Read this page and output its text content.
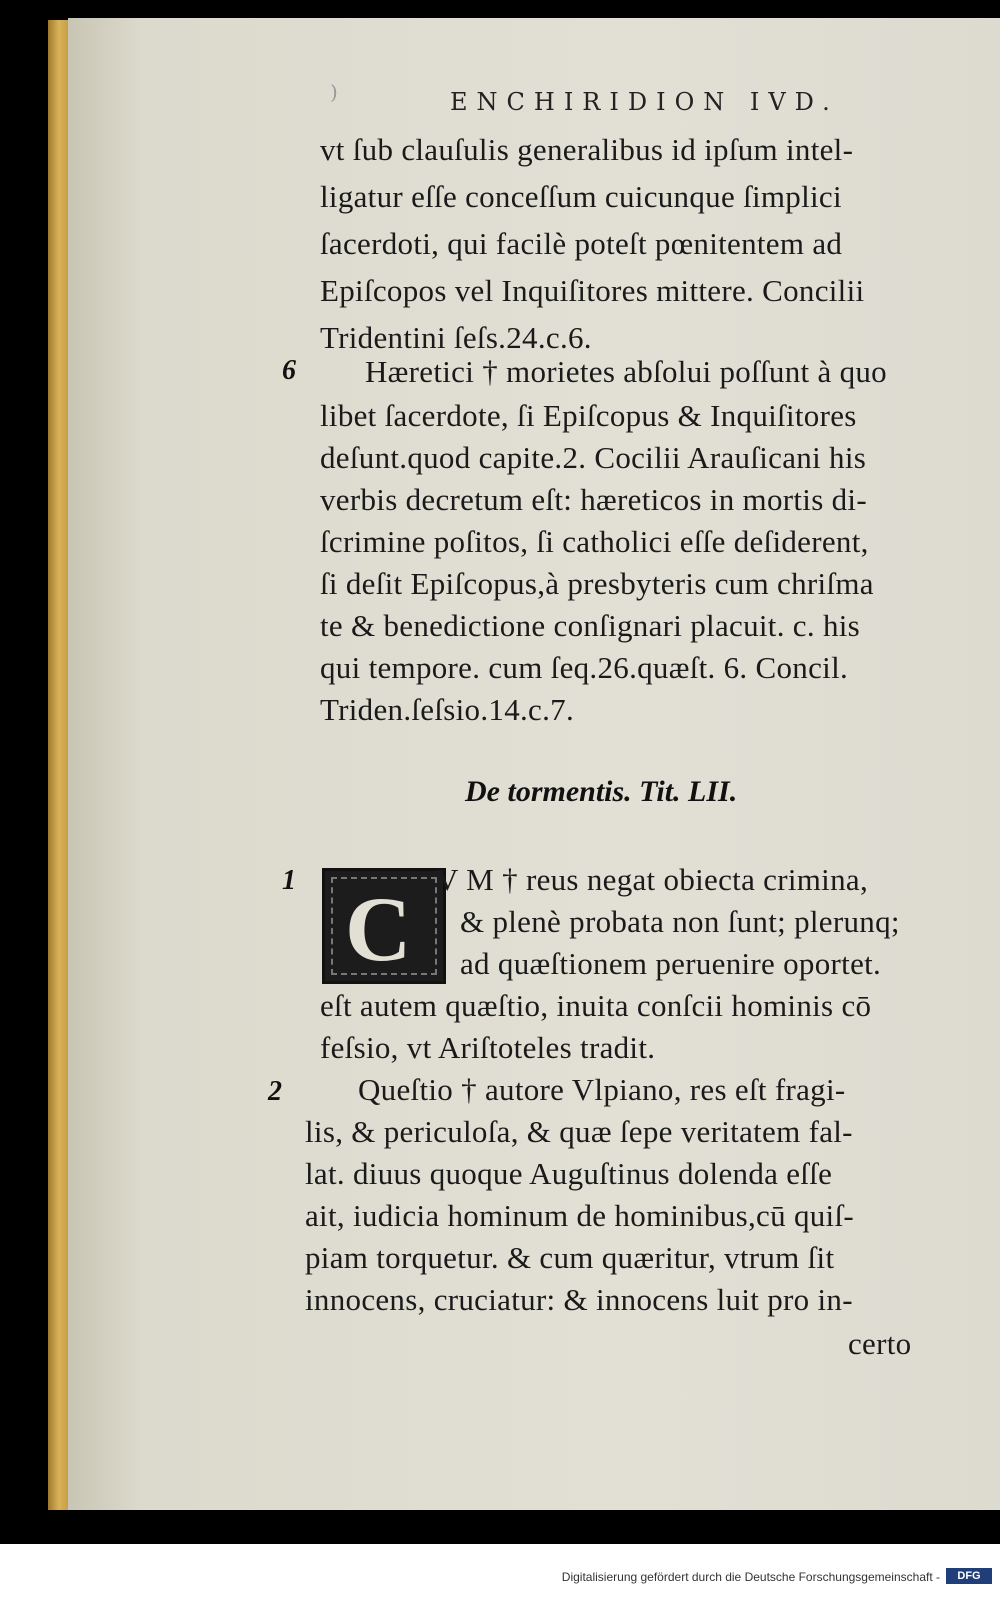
)	ENCHIRIDION IVD.
vt ſub clauſulis generalibus id ipſum intel-
ligatur eſſe conceſſum cuicunque ſimplici
ſacerdoti, qui facilè poteſt pœnitentem ad
Epiſcopos vel Inquiſitores mittere. Concilii
Tridentini ſeſs.24.c.6.
6 Hæretici † morietes abſolui poſſunt à quo
libet ſacerdote, ſi Epiſcopus & Inquiſitores
deſunt.quod capite.2. Cocilii Arauſicani his
verbis decretum eſt: hæreticos in mortis di-
ſcrimine poſitos, ſi catholici eſſe deſiderent,
ſi deſit Epiſcopus,à presbyteris cum chriſma
te & benedictione conſignari placuit. c. his
qui tempore. cum ſeq.26.quæſt. 6. Concil.
Triden.ſeſsio.14.c.7.
De tormentis. Tit. LII.
1 C V M † reus negat obiecta crimina,
& plenè probata non ſunt; plerunq;
ad quæſtionem peruenire oportet.
eſt autem quæſtio, inuita conſcii hominis cō
feſsio, vt Ariſtoteles tradit.
2 Queſtio † autore Vlpiano, res eſt fragi-
lis, & periculoſa, & quæ ſepe veritatem fal-
lat. diuus quoque Auguſtinus dolenda eſſe
ait, iudicia hominum de hominibus,cū quiſ-
piam torquetur. & cum quæritur, vtrum ſit
innocens, cruciatur: & innocens luit pro in-
certo
Digitalisierung gefördert durch die Deutsche Forschungsgemeinschaft -	DFG
